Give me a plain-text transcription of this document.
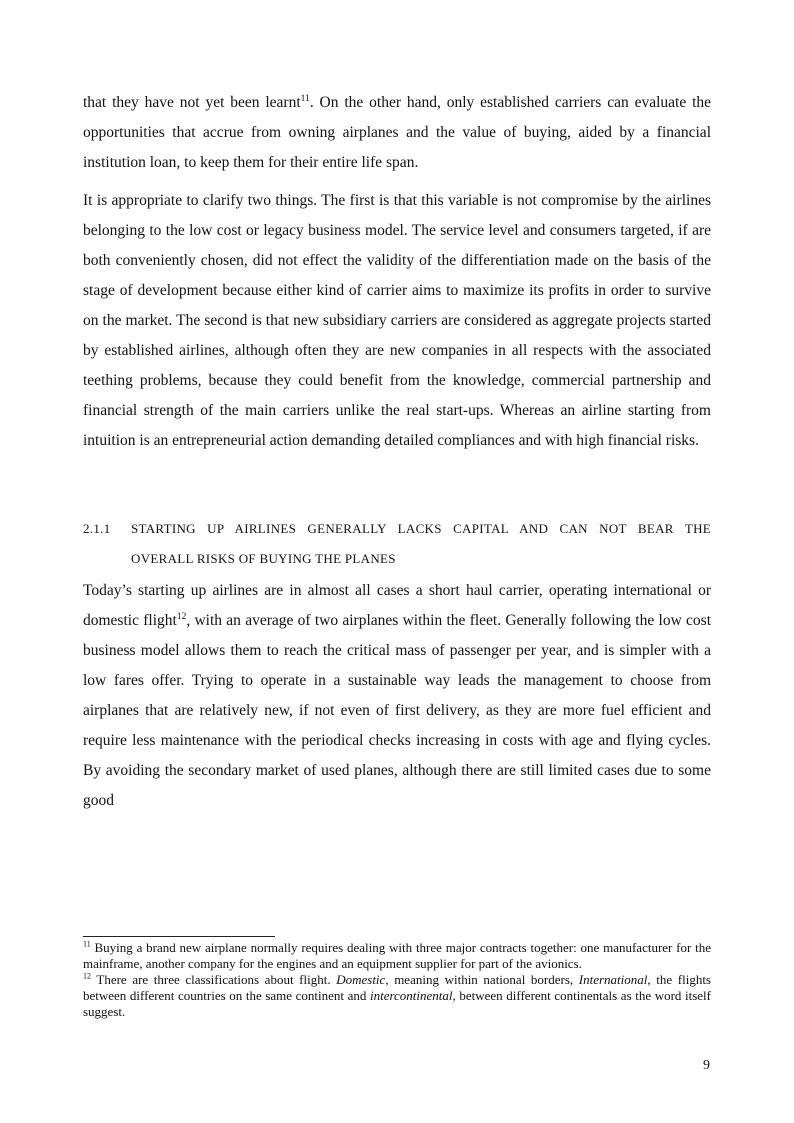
that they have not yet been learnt$^{11}$. On the other hand, only established carriers can evaluate the opportunities that accrue from owning airplanes and the value of buying, aided by a financial institution loan, to keep them for their entire life span.

It is appropriate to clarify two things. The first is that this variable is not compromise by the airlines belonging to the low cost or legacy business model. The service level and consumers targeted, if are both conveniently chosen, did not effect the validity of the differentiation made on the basis of the stage of development because either kind of carrier aims to maximize its profits in order to survive on the market. The second is that new subsidiary carriers are considered as aggregate projects started by established airlines, although often they are new companies in all respects with the associated teething problems, because they could benefit from the knowledge, commercial partnership and financial strength of the main carriers unlike the real start-ups. Whereas an airline starting from intuition is an entrepreneurial action demanding detailed compliances and with high financial risks.

2.1.1	STARTING UP AIRLINES GENERALLY LACKS CAPITAL AND CAN NOT BEAR THE
OVERALL RISKS OF BUYING THE PLANES

Today’s starting up airlines are in almost all cases a short haul carrier, operating international or domestic flight$^{12}$, with an average of two airplanes within the fleet. Generally following the low cost business model allows them to reach the critical mass of passenger per year, and is simpler with a low fares offer. Trying to operate in a sustainable way leads the management to choose from airplanes that are relatively new, if not even of first delivery, as they are more fuel efficient and require less maintenance with the periodical checks increasing in costs with age and flying cycles. By avoiding the secondary market of used planes, although there are still limited cases due to some good

$^{11}$ Buying a brand new airplane normally requires dealing with three major contracts together: one manufacturer for the mainframe, another company for the engines and an equipment supplier for part of the avionics.

$^{12}$ There are three classifications about flight. Domestic, meaning within national borders, International, the flights between different countries on the same continent and intercontinental, between different continentals as the word itself suggest.

9
